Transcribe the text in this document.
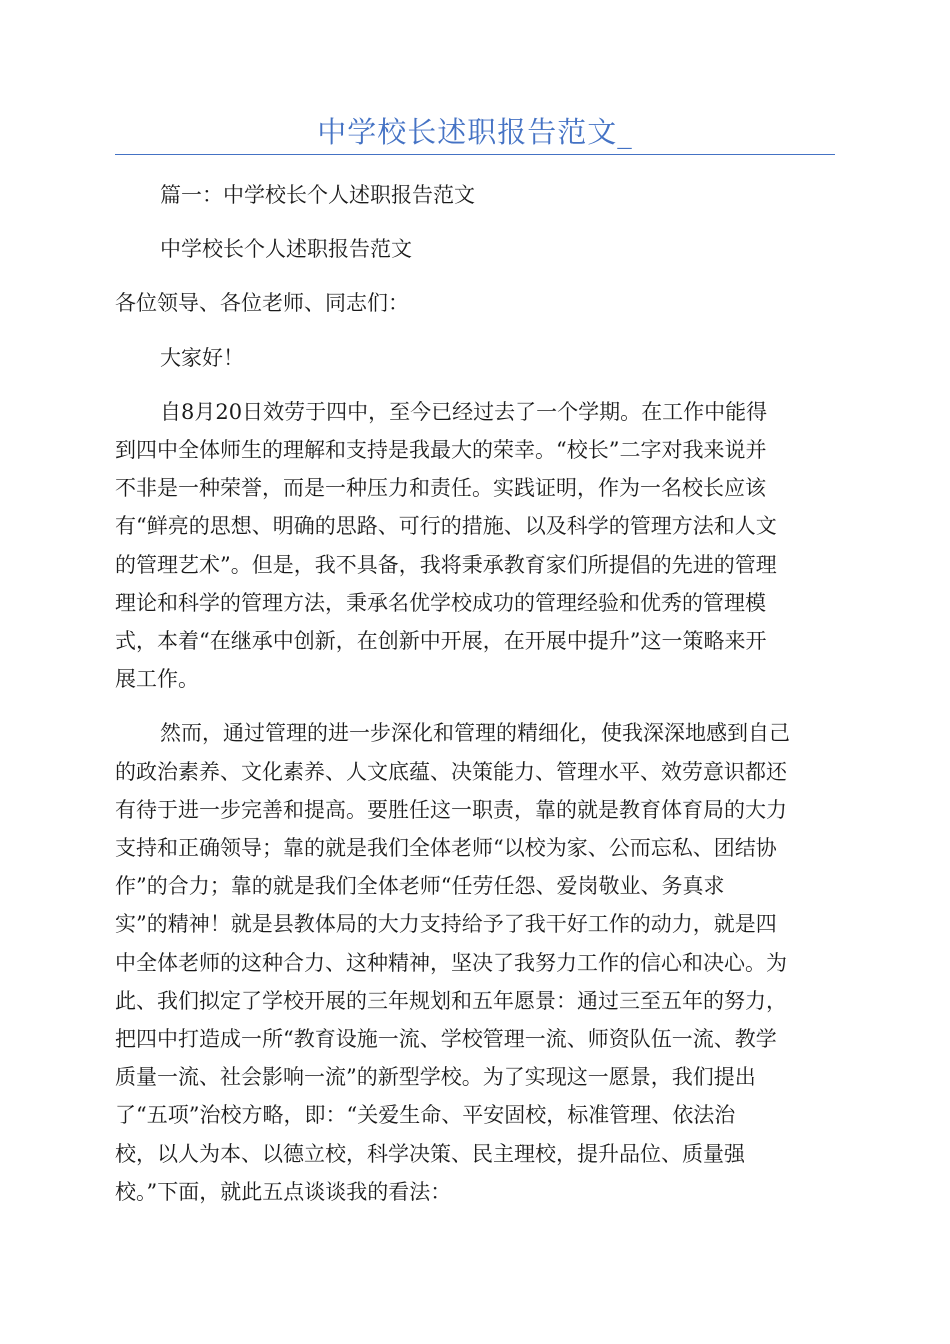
中学校长述职报告范文_

篇一：中学校长个人述职报告范文

中学校长个人述职报告范文

各位领导、各位老师、同志们：

大家好！

自8月20日效劳于四中，至今已经过去了一个学期。在工作中能得

到四中全体师生的理解和支持是我最大的荣幸。“校长”二字对我来说并

不非是一种荣誉，而是一种压力和责任。实践证明，作为一名校长应该

有“鲜亮的思想、明确的思路、可行的措施、以及科学的管理方法和人文

的管理艺术”。但是，我不具备，我将秉承教育家们所提倡的先进的管理

理论和科学的管理方法，秉承名优学校成功的管理经验和优秀的管理模

式，本着“在继承中创新，在创新中开展，在开展中提升”这一策略来开

展工作。

然而，通过管理的进一步深化和管理的精细化，使我深深地感到自己

的政治素养、文化素养、人文底蕴、决策能力、管理水平、效劳意识都还

有待于进一步完善和提高。要胜任这一职责，靠的就是教育体育局的大力

支持和正确领导；靠的就是我们全体老师“以校为家、公而忘私、团结协

作”的合力；靠的就是我们全体老师“任劳任怨、爱岗敬业、务真求

实”的精神！就是县教体局的大力支持给予了我干好工作的动力，就是四

中全体老师的这种合力、这种精神，坚决了我努力工作的信心和决心。为

此、我们拟定了学校开展的三年规划和五年愿景：通过三至五年的努力，

把四中打造成一所“教育设施一流、学校管理一流、师资队伍一流、教学

质量一流、社会影响一流”的新型学校。为了实现这一愿景，我们提出

了“五项”治校方略，即：“关爱生命、平安固校，标准管理、依法治

校，以人为本、以德立校，科学决策、民主理校，提升品位、质量强

校。”下面，就此五点谈谈我的看法：
